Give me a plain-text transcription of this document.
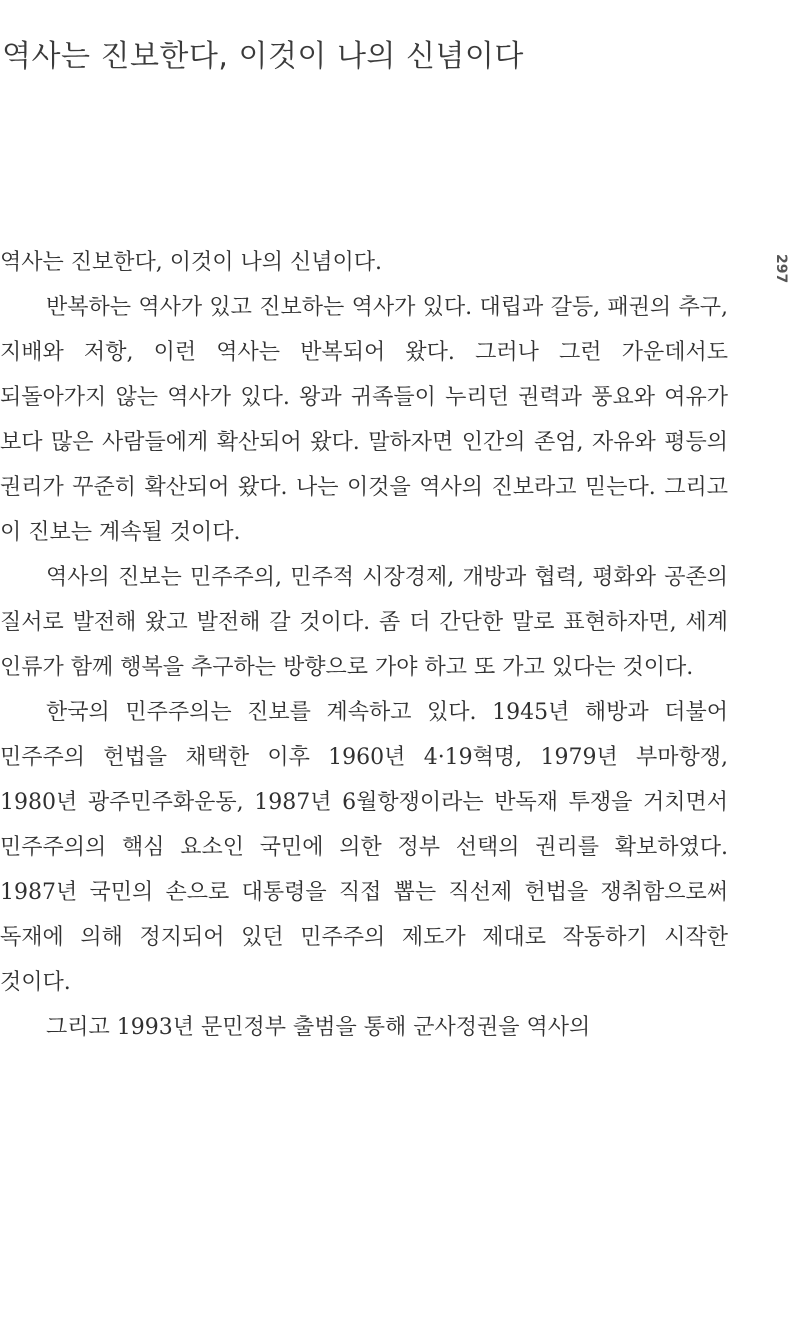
역사는 진보한다, 이것이 나의 신념이다
297

역사는 진보한다, 이것이 나의 신념이다.

반복하는 역사가 있고 진보하는 역사가 있다. 대립과 갈등, 패권의 추구, 지배와 저항, 이런 역사는 반복되어 왔다. 그러나 그런 가운데서도 되돌아가지 않는 역사가 있다. 왕과 귀족들이 누리던 권력과 풍요와 여유가 보다 많은 사람들에게 확산되어 왔다. 말하자면 인간의 존엄, 자유와 평등의 권리가 꾸준히 확산되어 왔다. 나는 이것을 역사의 진보라고 믿는다. 그리고 이 진보는 계속될 것이다.

역사의 진보는 민주주의, 민주적 시장경제, 개방과 협력, 평화와 공존의 질서로 발전해 왔고 발전해 갈 것이다. 좀 더 간단한 말로 표현하자면, 세계 인류가 함께 행복을 추구하는 방향으로 가야 하고 또 가고 있다는 것이다.

한국의 민주주의는 진보를 계속하고 있다. 1945년 해방과 더불어 민주주의 헌법을 채택한 이후 1960년 4·19혁명, 1979년 부마항쟁, 1980년 광주민주화운동, 1987년 6월항쟁이라는 반독재 투쟁을 거치면서 민주주의의 핵심 요소인 국민에 의한 정부 선택의 권리를 확보하였다. 1987년 국민의 손으로 대통령을 직접 뽑는 직선제 헌법을 쟁취함으로써 독재에 의해 정지되어 있던 민주주의 제도가 제대로 작동하기 시작한 것이다.

그리고 1993년 문민정부 출범을 통해 군사정권을 역사의
